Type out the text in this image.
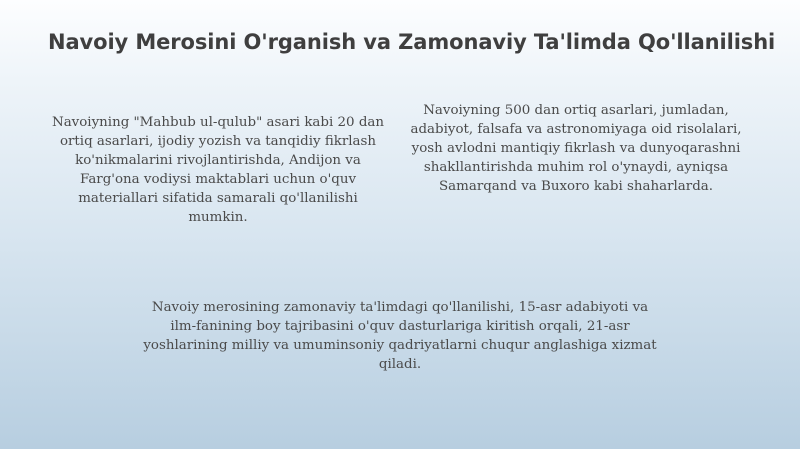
Navoiy Merosini O'rganish va Zamonaviy Ta'limda Qo'llanilishi
Navoiyning "Mahbub ul-qulub" asari kabi 20 dan ortiq asarlari, ijodiy yozish va tanqidiy fikrlash ko'nikmalarini rivojlantirishda, Andijon va Farg'ona vodiysi maktablari uchun o'quv materiallari sifatida samarali qo'llanilishi mumkin.
Navoiyning 500 dan ortiq asarlari, jumladan, adabiyot, falsafa va astronomiyaga oid risolalari, yosh avlodni mantiqiy fikrlash va dunyoqarashni shakllantirishda muhim rol o'ynaydi, ayniqsa Samarqand va Buxoro kabi shaharlarda.
Navoiy merosining zamonaviy ta'limdagi qo'llanilishi, 15-asr adabiyoti va ilm-fanining boy tajribasini o'quv dasturlariga kiritish orqali, 21-asr yoshlarining milliy va umuminsoniy qadriyatlarni chuqur anglashiga xizmat qiladi.
